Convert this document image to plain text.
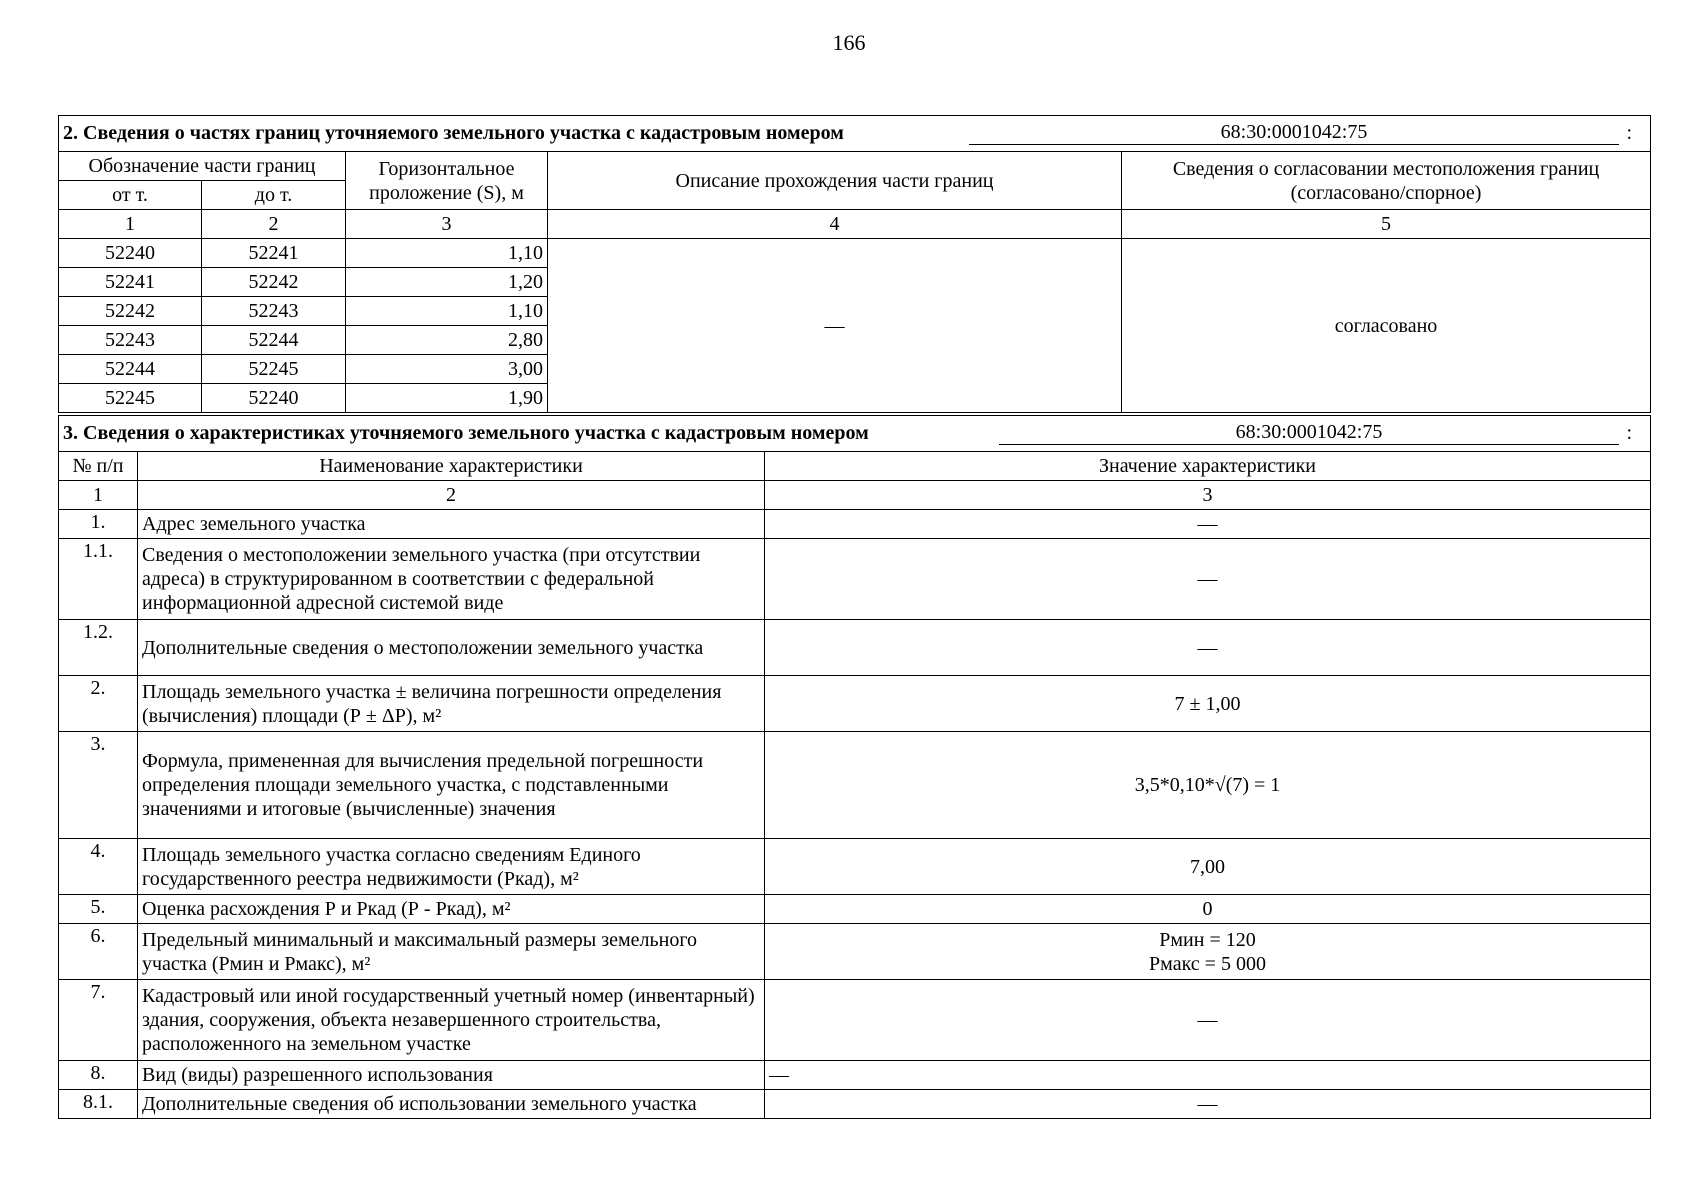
166
2. Сведения о частях границ уточняемого земельного участка с кадастровым номером 68:30:0001042:75 :				

Обозначение части границ		Горизонтальное проложение (S), м	Описание прохождения части границ	Сведения о согласовании местоположения границ (согласовано/спорное)
от т.	до т.			
1	2	3	4	5
52240	52241	1,10	—	согласовано
52241	52242	1,20		
52242	52243	1,10		
52243	52244	2,80		
52244	52245	3,00		
52245	52240	1,90		
3. Сведения о характеристиках уточняемого земельного участка с кадастровым номером 68:30:0001042:75 :		

№ п/п	Наименование характеристики	Значение характеристики
1	2	3
1.	Адрес земельного участка	—
1.1.	Сведения о местоположении земельного участка (при отсутствии адреса) в структурированном в соответствии с федеральной информационной адресной системой виде	—
1.2.	Дополнительные сведения о местоположении земельного участка	—
2.	Площадь земельного участка ± величина погрешности определения (вычисления) площади (Р ± ΔР), м²	7 ± 1,00
3.	Формула, примененная для вычисления предельной погрешности определения площади земельного участка, с подставленными значениями и итоговые (вычисленные) значения	3,5*0,10*√(7) = 1
4.	Площадь земельного участка согласно сведениям Единого государственного реестра недвижимости (Ркад), м²	7,00
5.	Оценка расхождения Р и Ркад (Р - Ркад), м²	0
6.	Предельный минимальный и максимальный размеры земельного участка (Рмин и Рмакс), м²	Рмин = 120
Рмакс = 5 000

7.	Кадастровый или иной государственный учетный номер (инвентарный) здания, сооружения, объекта незавершенного строительства, расположенного на земельном участке	—
8.	Вид (виды) разрешенного использования	—
8.1.	Дополнительные сведения об использовании земельного участка	—
